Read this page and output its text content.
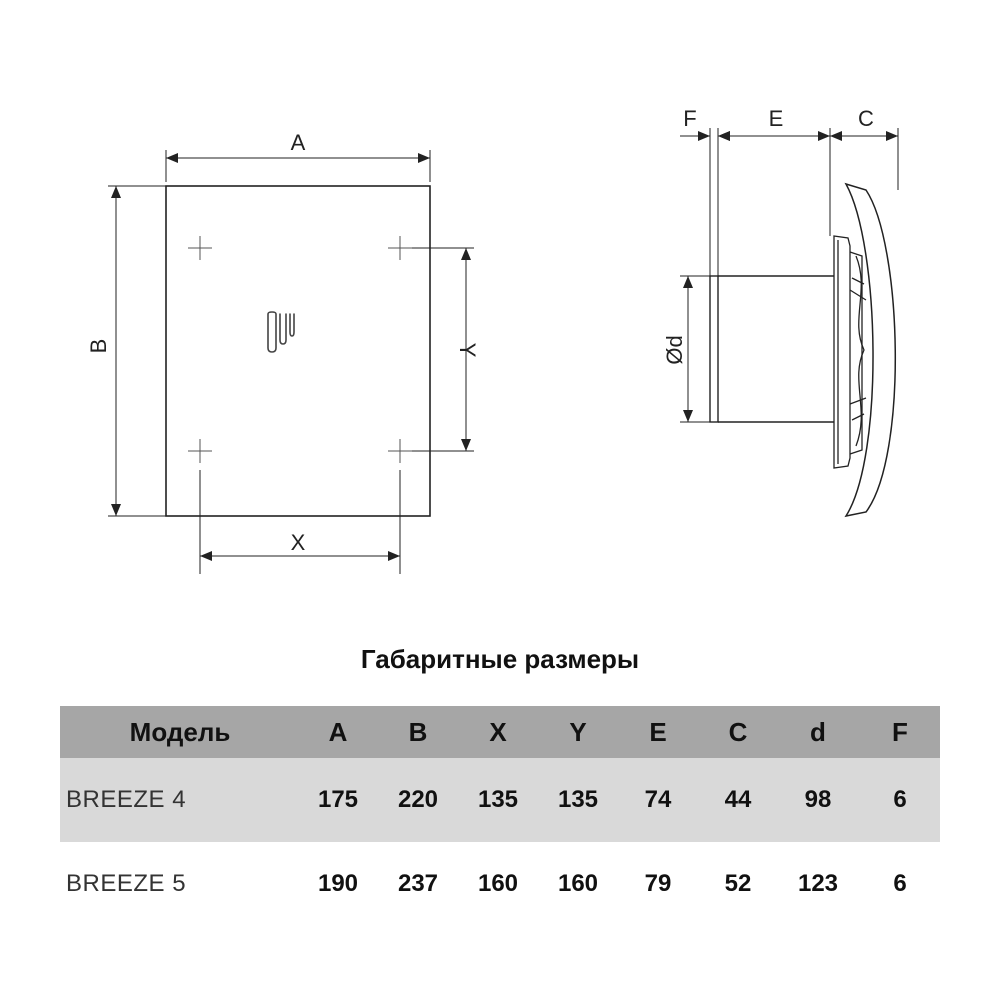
A
B	Y
X
F	E	C
Ød
Габаритные размеры
Модель	A	B	X	Y	E	C	d	F
BREEZE 4	175	220	135	135	74	44	98	6
BREEZE 5	190	237	160	160	79	52	123	6
